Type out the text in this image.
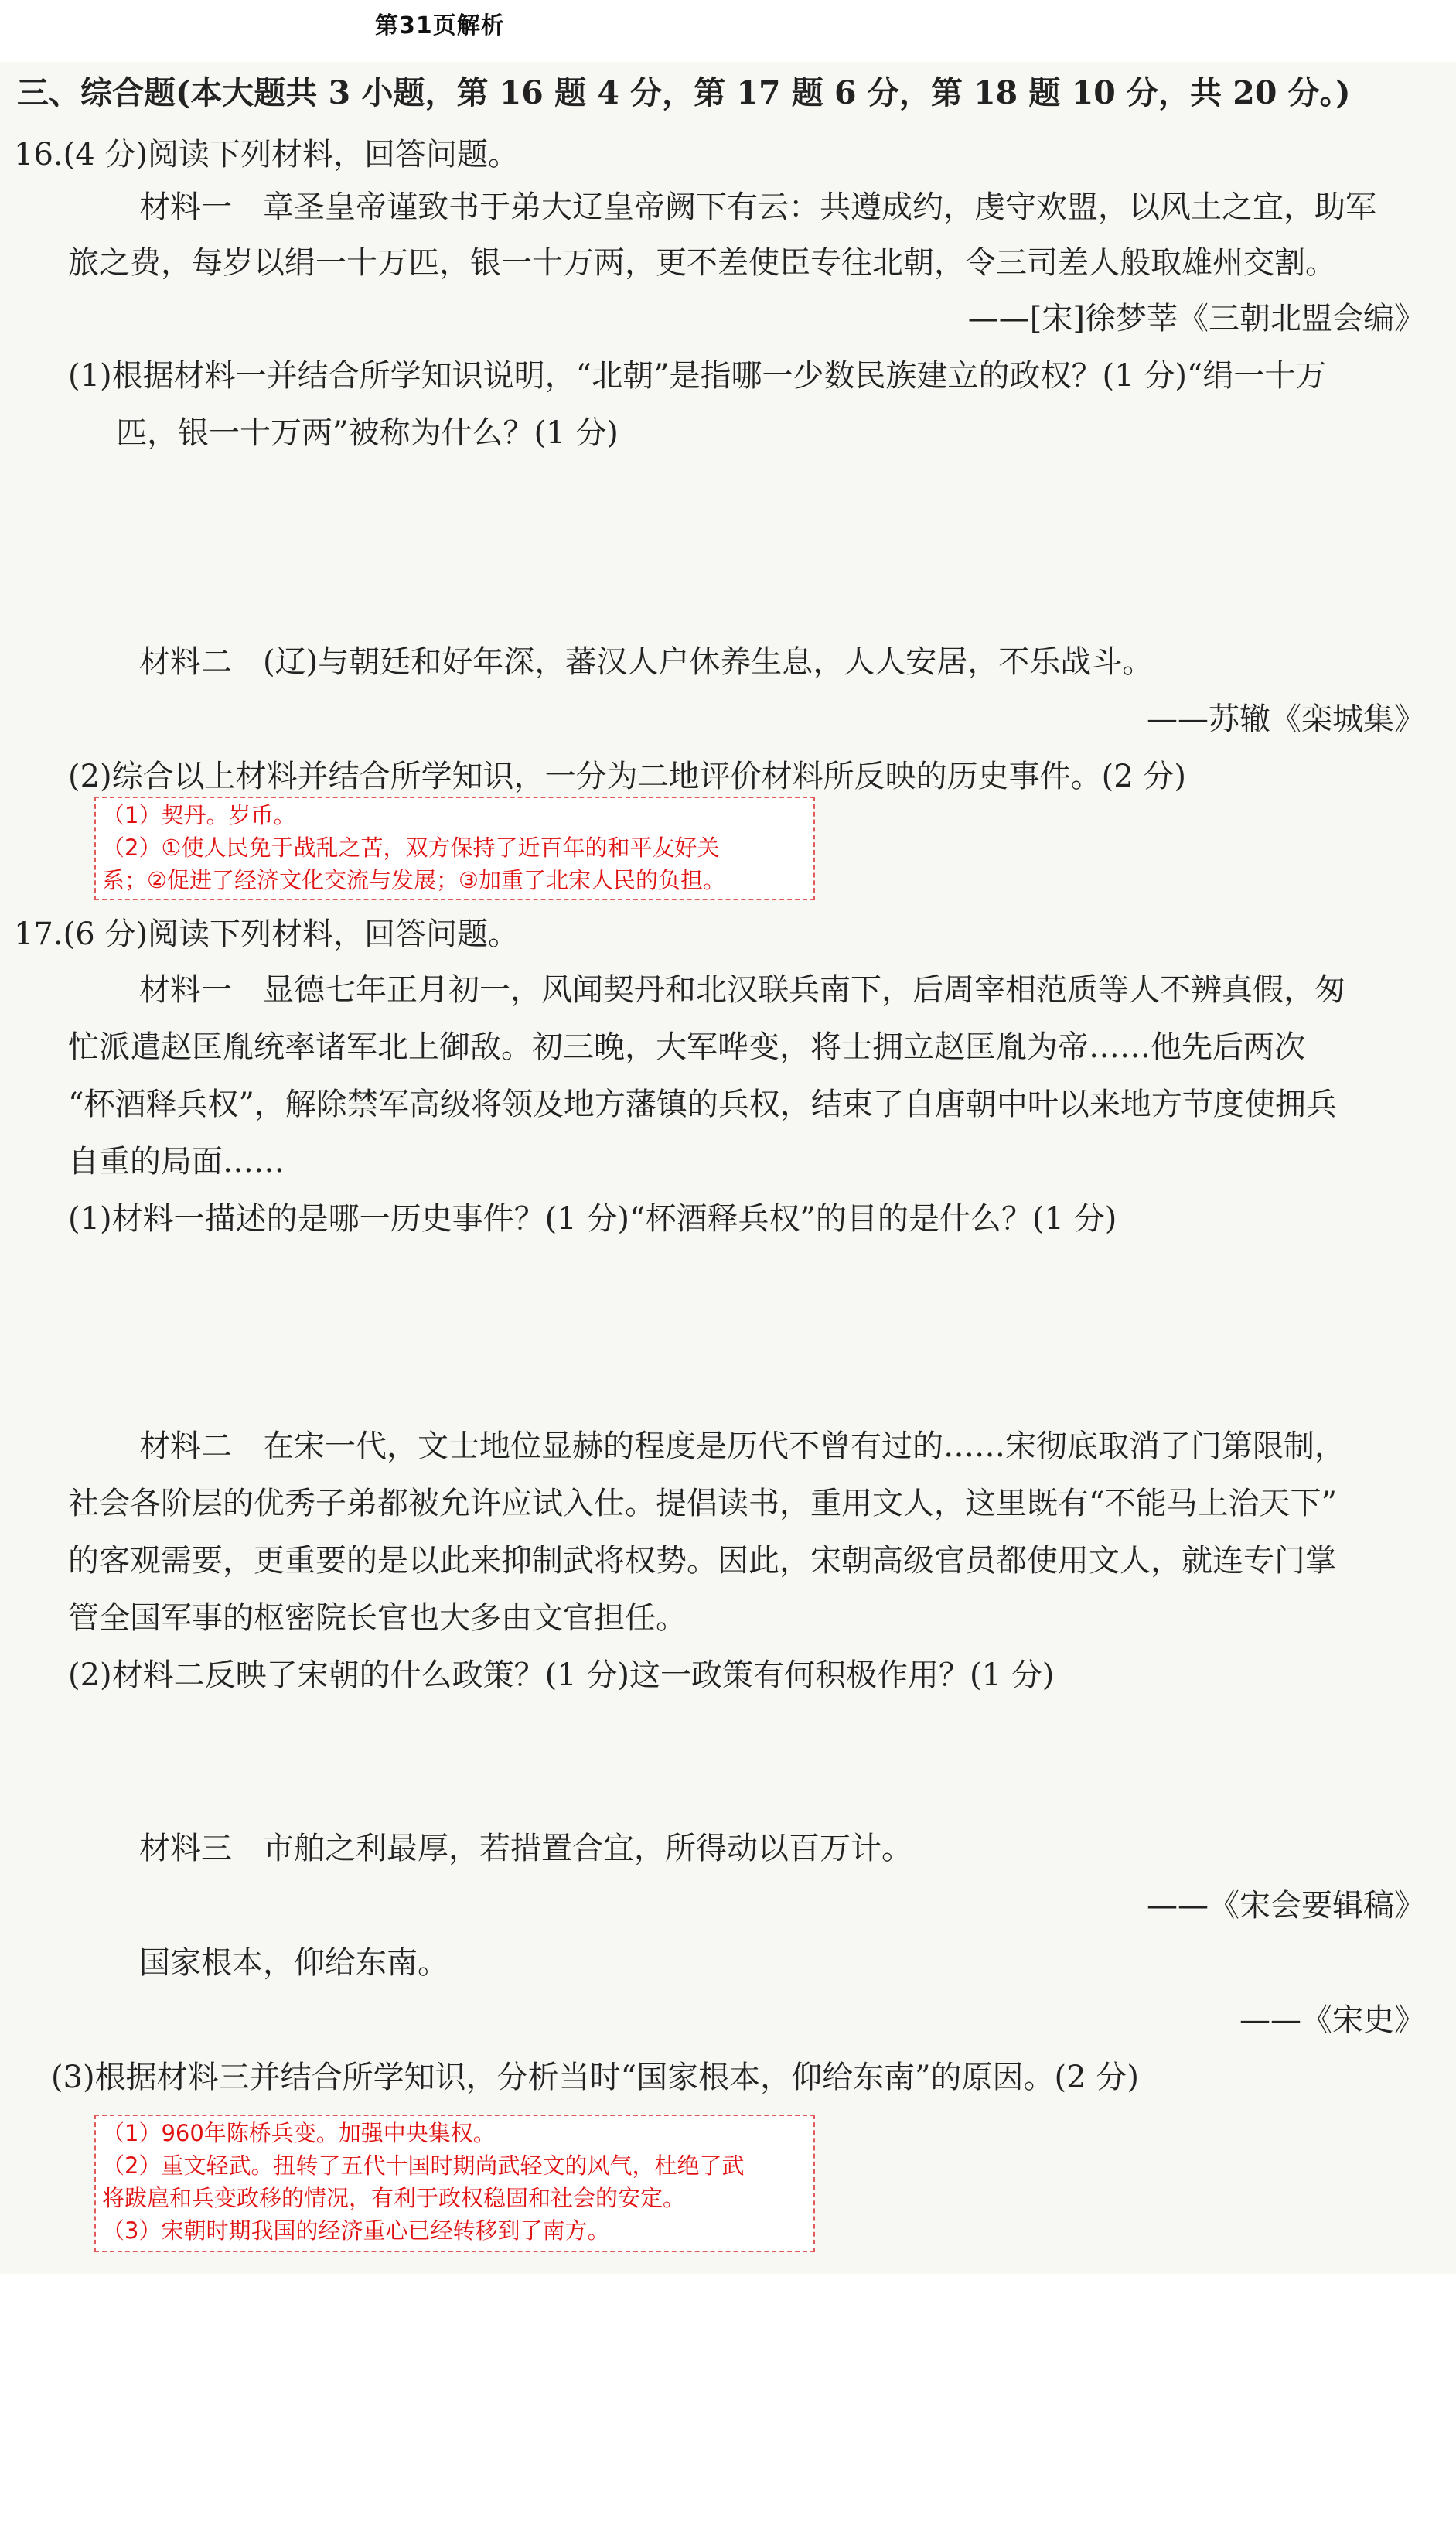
第31页解析
三、综合题(本大题共 3 小题，第 16 题 4 分，第 17 题 6 分，第 18 题 10 分，共 20 分。)
16.(4 分)阅读下列材料，回答问题。
材料一　章圣皇帝谨致书于弟大辽皇帝阙下有云：共遵成约，虔守欢盟，以风土之宜，助军
旅之费，每岁以绢一十万匹，银一十万两，更不差使臣专往北朝，令三司差人般取雄州交割。
——[宋]徐梦莘《三朝北盟会编》
(1)根据材料一并结合所学知识说明，“北朝”是指哪一少数民族建立的政权？(1 分)“绢一十万
匹，银一十万两”被称为什么？(1 分)
材料二　(辽)与朝廷和好年深，蕃汉人户休养生息，人人安居，不乐战斗。
——苏辙《栾城集》
(2)综合以上材料并结合所学知识，一分为二地评价材料所反映的历史事件。(2 分)
（1）契丹。岁币。
（2）①使人民免于战乱之苦，双方保持了近百年的和平友好关
系；②促进了经济文化交流与发展；③加重了北宋人民的负担。
17.(6 分)阅读下列材料，回答问题。
材料一　显德七年正月初一，风闻契丹和北汉联兵南下，后周宰相范质等人不辨真假，匆
忙派遣赵匡胤统率诸军北上御敌。初三晚，大军哗变，将士拥立赵匡胤为帝……他先后两次
“杯酒释兵权”，解除禁军高级将领及地方藩镇的兵权，结束了自唐朝中叶以来地方节度使拥兵
自重的局面……
(1)材料一描述的是哪一历史事件？(1 分)“杯酒释兵权”的目的是什么？(1 分)
材料二　在宋一代，文士地位显赫的程度是历代不曾有过的……宋彻底取消了门第限制，
社会各阶层的优秀子弟都被允许应试入仕。提倡读书，重用文人，这里既有“不能马上治天下”
的客观需要，更重要的是以此来抑制武将权势。因此，宋朝高级官员都使用文人，就连专门掌
管全国军事的枢密院长官也大多由文官担任。
(2)材料二反映了宋朝的什么政策？(1 分)这一政策有何积极作用？(1 分)
材料三　市舶之利最厚，若措置合宜，所得动以百万计。
——《宋会要辑稿》
国家根本，仰给东南。
——《宋史》
(3)根据材料三并结合所学知识，分析当时“国家根本，仰给东南”的原因。(2 分)
（1）960年陈桥兵变。加强中央集权。
（2）重文轻武。扭转了五代十国时期尚武轻文的风气，杜绝了武
将跋扈和兵变政移的情况，有利于政权稳固和社会的安定。
（3）宋朝时期我国的经济重心已经转移到了南方。
